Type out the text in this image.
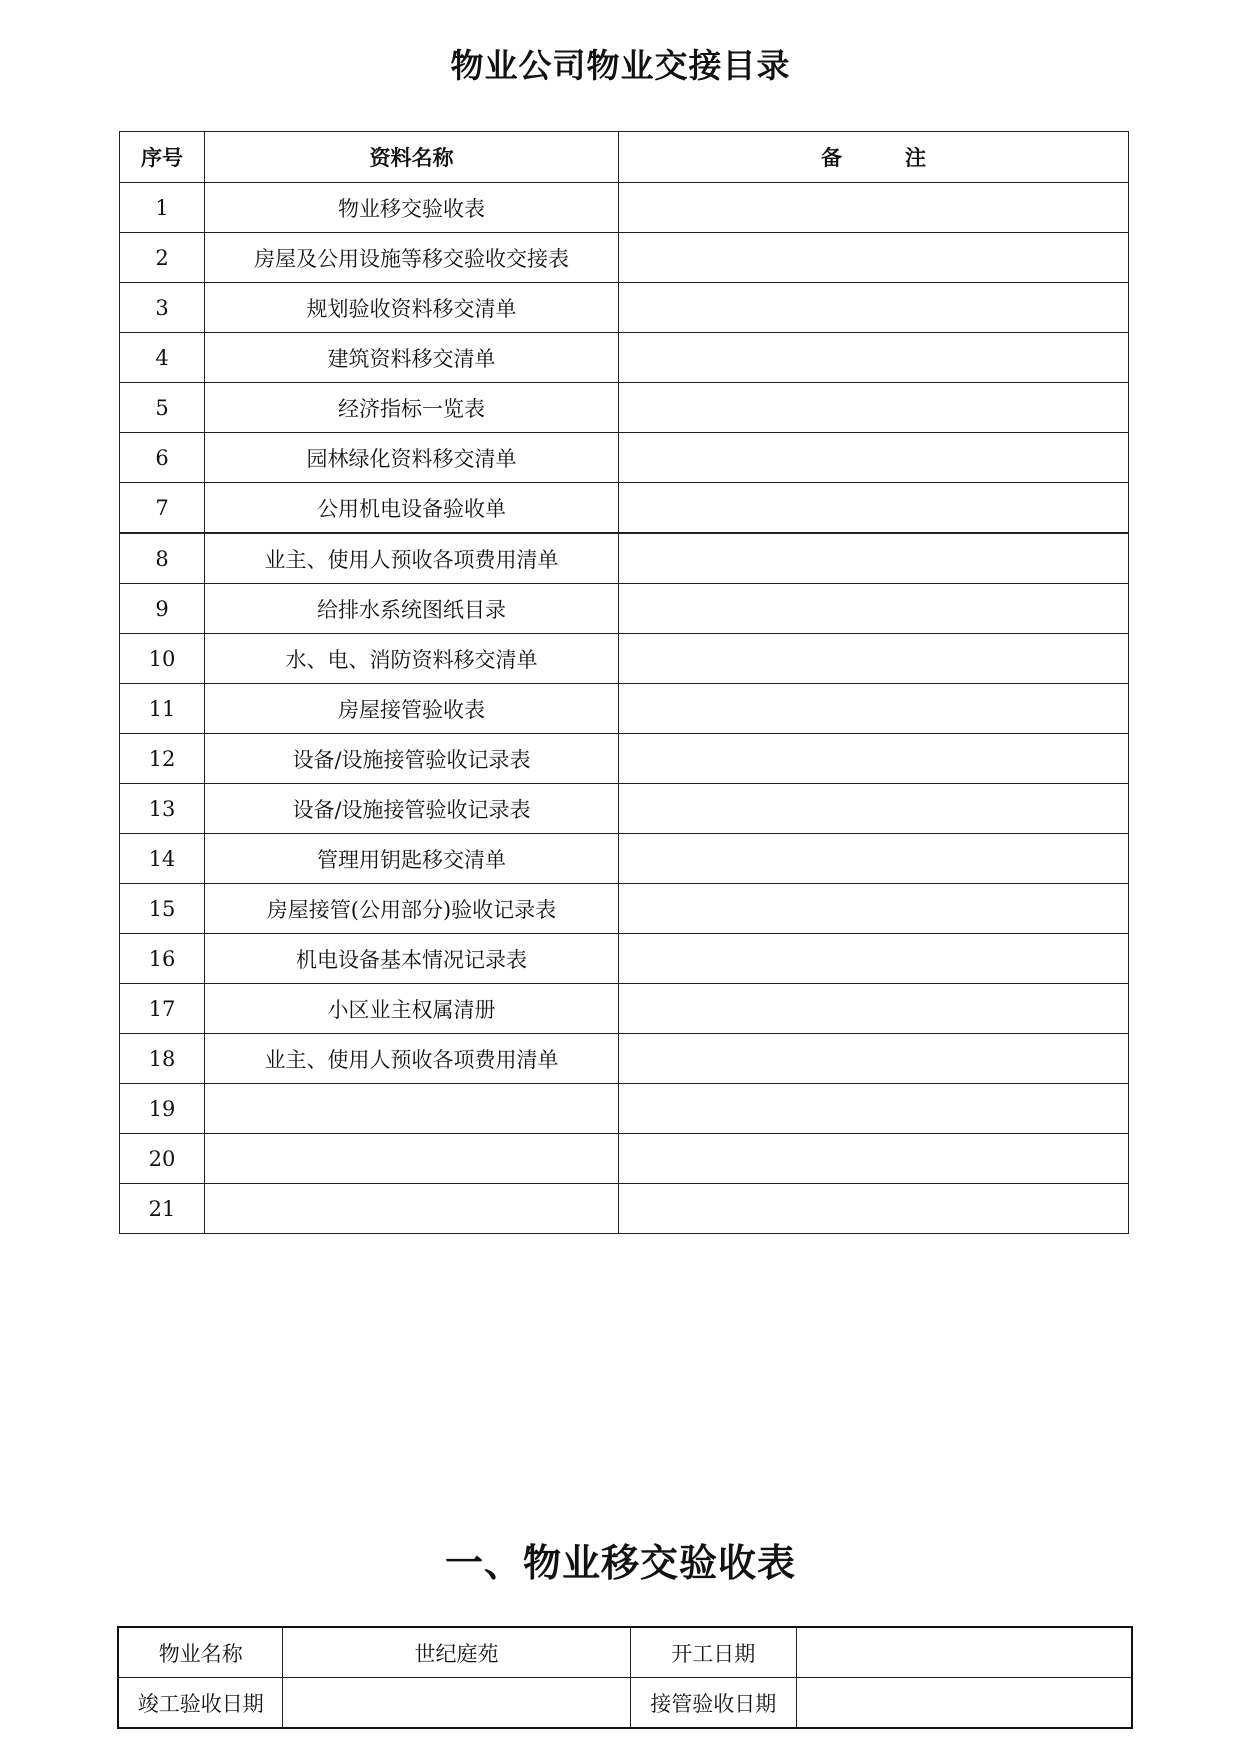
物业公司物业交接目录
序号	资料名称	备　　　注
1	物业移交验收表	
2	房屋及公用设施等移交验收交接表	
3	规划验收资料移交清单	
4	建筑资料移交清单	
5	经济指标一览表	
6	园林绿化资料移交清单	
7	公用机电设备验收单	
8	业主、使用人预收各项费用清单	
9	给排水系统图纸目录	
10	水、电、消防资料移交清单	
11	房屋接管验收表	
12	设备/设施接管验收记录表	
13	设备/设施接管验收记录表	
14	管理用钥匙移交清单	
15	房屋接管(公用部分)验收记录表	
16	机电设备基本情况记录表	
17	小区业主权属清册	
18	业主、使用人预收各项费用清单	
19		
20		
21		
一、物业移交验收表
物业名称	世纪庭苑	开工日期	
竣工验收日期		接管验收日期	
